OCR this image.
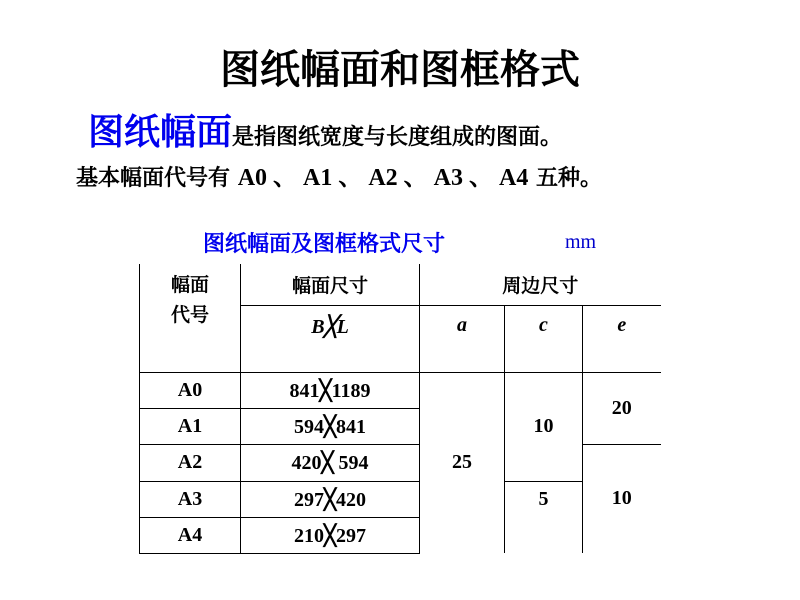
图纸幅面和图框格式
图纸幅面是指图纸宽度与长度组成的图面。
基本幅面代号有 A0 、 A1 、 A2 、 A3 、 A4 五种。
图纸幅面及图框格式尺寸	mm
幅面代号	幅面尺寸	周边尺寸		
	B╳L	a	c	e
A0	841╳1189	25	10	20
A1	594╳841			
A2	420╳ 594			10
A3	297╳420		5	
A4	210╳297			
